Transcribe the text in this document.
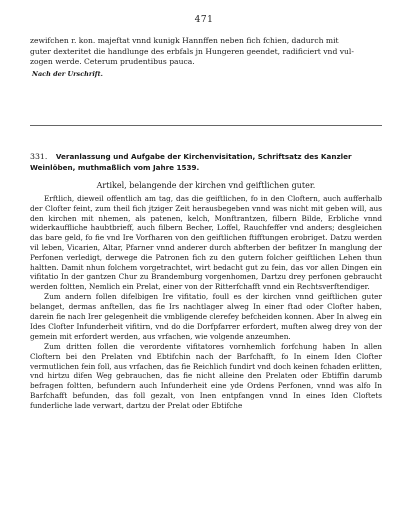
471

zewifchen r. kon. majeftat vnnd kunigk Hannffen neben fich fchien, dadurch mit

guter dexteritet die handlunge des erbfals jn Hungeren geendet, radificiert vnd vul-

zogen werde. Ceterum prudentibus pauca.

Nach der Urschrift.

331. Veranlassung und Aufgabe der Kirchenvisitation, Schriftsatz des Kanzler Weinlöben, muthmaßlich vom Jahre 1539.

Artikel, belangende der kirchen vnd geiftlichen guter.

Erftlich, dieweil offentlich am tag, das die geiftlichen, fo in den Cloftern, auch aufferhalb der Clofter feint, zum theil fich jtziger Zeit herausbegeben vnnd was nicht mit geben will, aus den kirchen mit nhemen, als patenen, kelch, Monftrantzen, filbern Bilde, Erbliche vnnd widerkauffliche haubtbrieff, auch filbern Becher, Loffel, Rauchfeffer vnd anders; desgleichen das bare geld, fo fie vnd Ire Vorfharen von den geiftlichen ftifftungen erobriget. Datzu werden vil leben, Vicarien, Altar, Pfarner vnnd anderer durch abfterben der befitzer In manglung der Perfonen verledigt, derwege die Patronen fich zu den gutern folcher geiftlichen Lehen thun haltten. Damit nhun folchem vorgetrachtet, wirt bedacht gut zu fein, das vor allen Dingen ein vifitatio In der gantzen Chur zu Brandemburg vorgenhomen, Dartzu drey perfonen gebraucht werden foltten, Nemlich ein Prelat, einer von der Ritterfchafft vnnd ein Rechtsverftendiger.

Zum andern follen difelbigen Ire vifitatio, foull es der kirchen vnnd geiftlichen guter belanget, dermas anftellen, das fie Irs nachtlager alweg In einer ftad oder Clofter haben, darein fie nach Irer gelegenheit die vmbligende clerefey befcheiden konnen. Aber In alweg ein Ides Clofter Infunderheit vifitirn, vnd do die Dorfpfarrer erfordert, muften alweg drey von der gemein mit erfordert werden, aus vrfachen, wie volgende anzeumhen.

Zum dritten follen die verordente vifitatores vornhemlich forfchung haben In allen Cloftern bei den Prelaten vnd Ebtifchin nach der Barfchafft, fo In einem Iden Clofter vermutlichen fein foll, aus vrfachen, das fie Reichlich fundirt vnd doch keinen fchaden erlitten, vnd hirtzu difen Weg gebrauchen, das fie nicht alleine den Prelaten oder Ebtiffin darumb befragen foltten, befundern auch Infunderheit eine yde Ordens Perfonen, vnnd was alfo In Barfchafft befunden, das foll gezalt, von Inen entpfangen vnnd In eines Iden Cloftets funderliche lade verwart, dartzu der Prelat oder Ebtifche
